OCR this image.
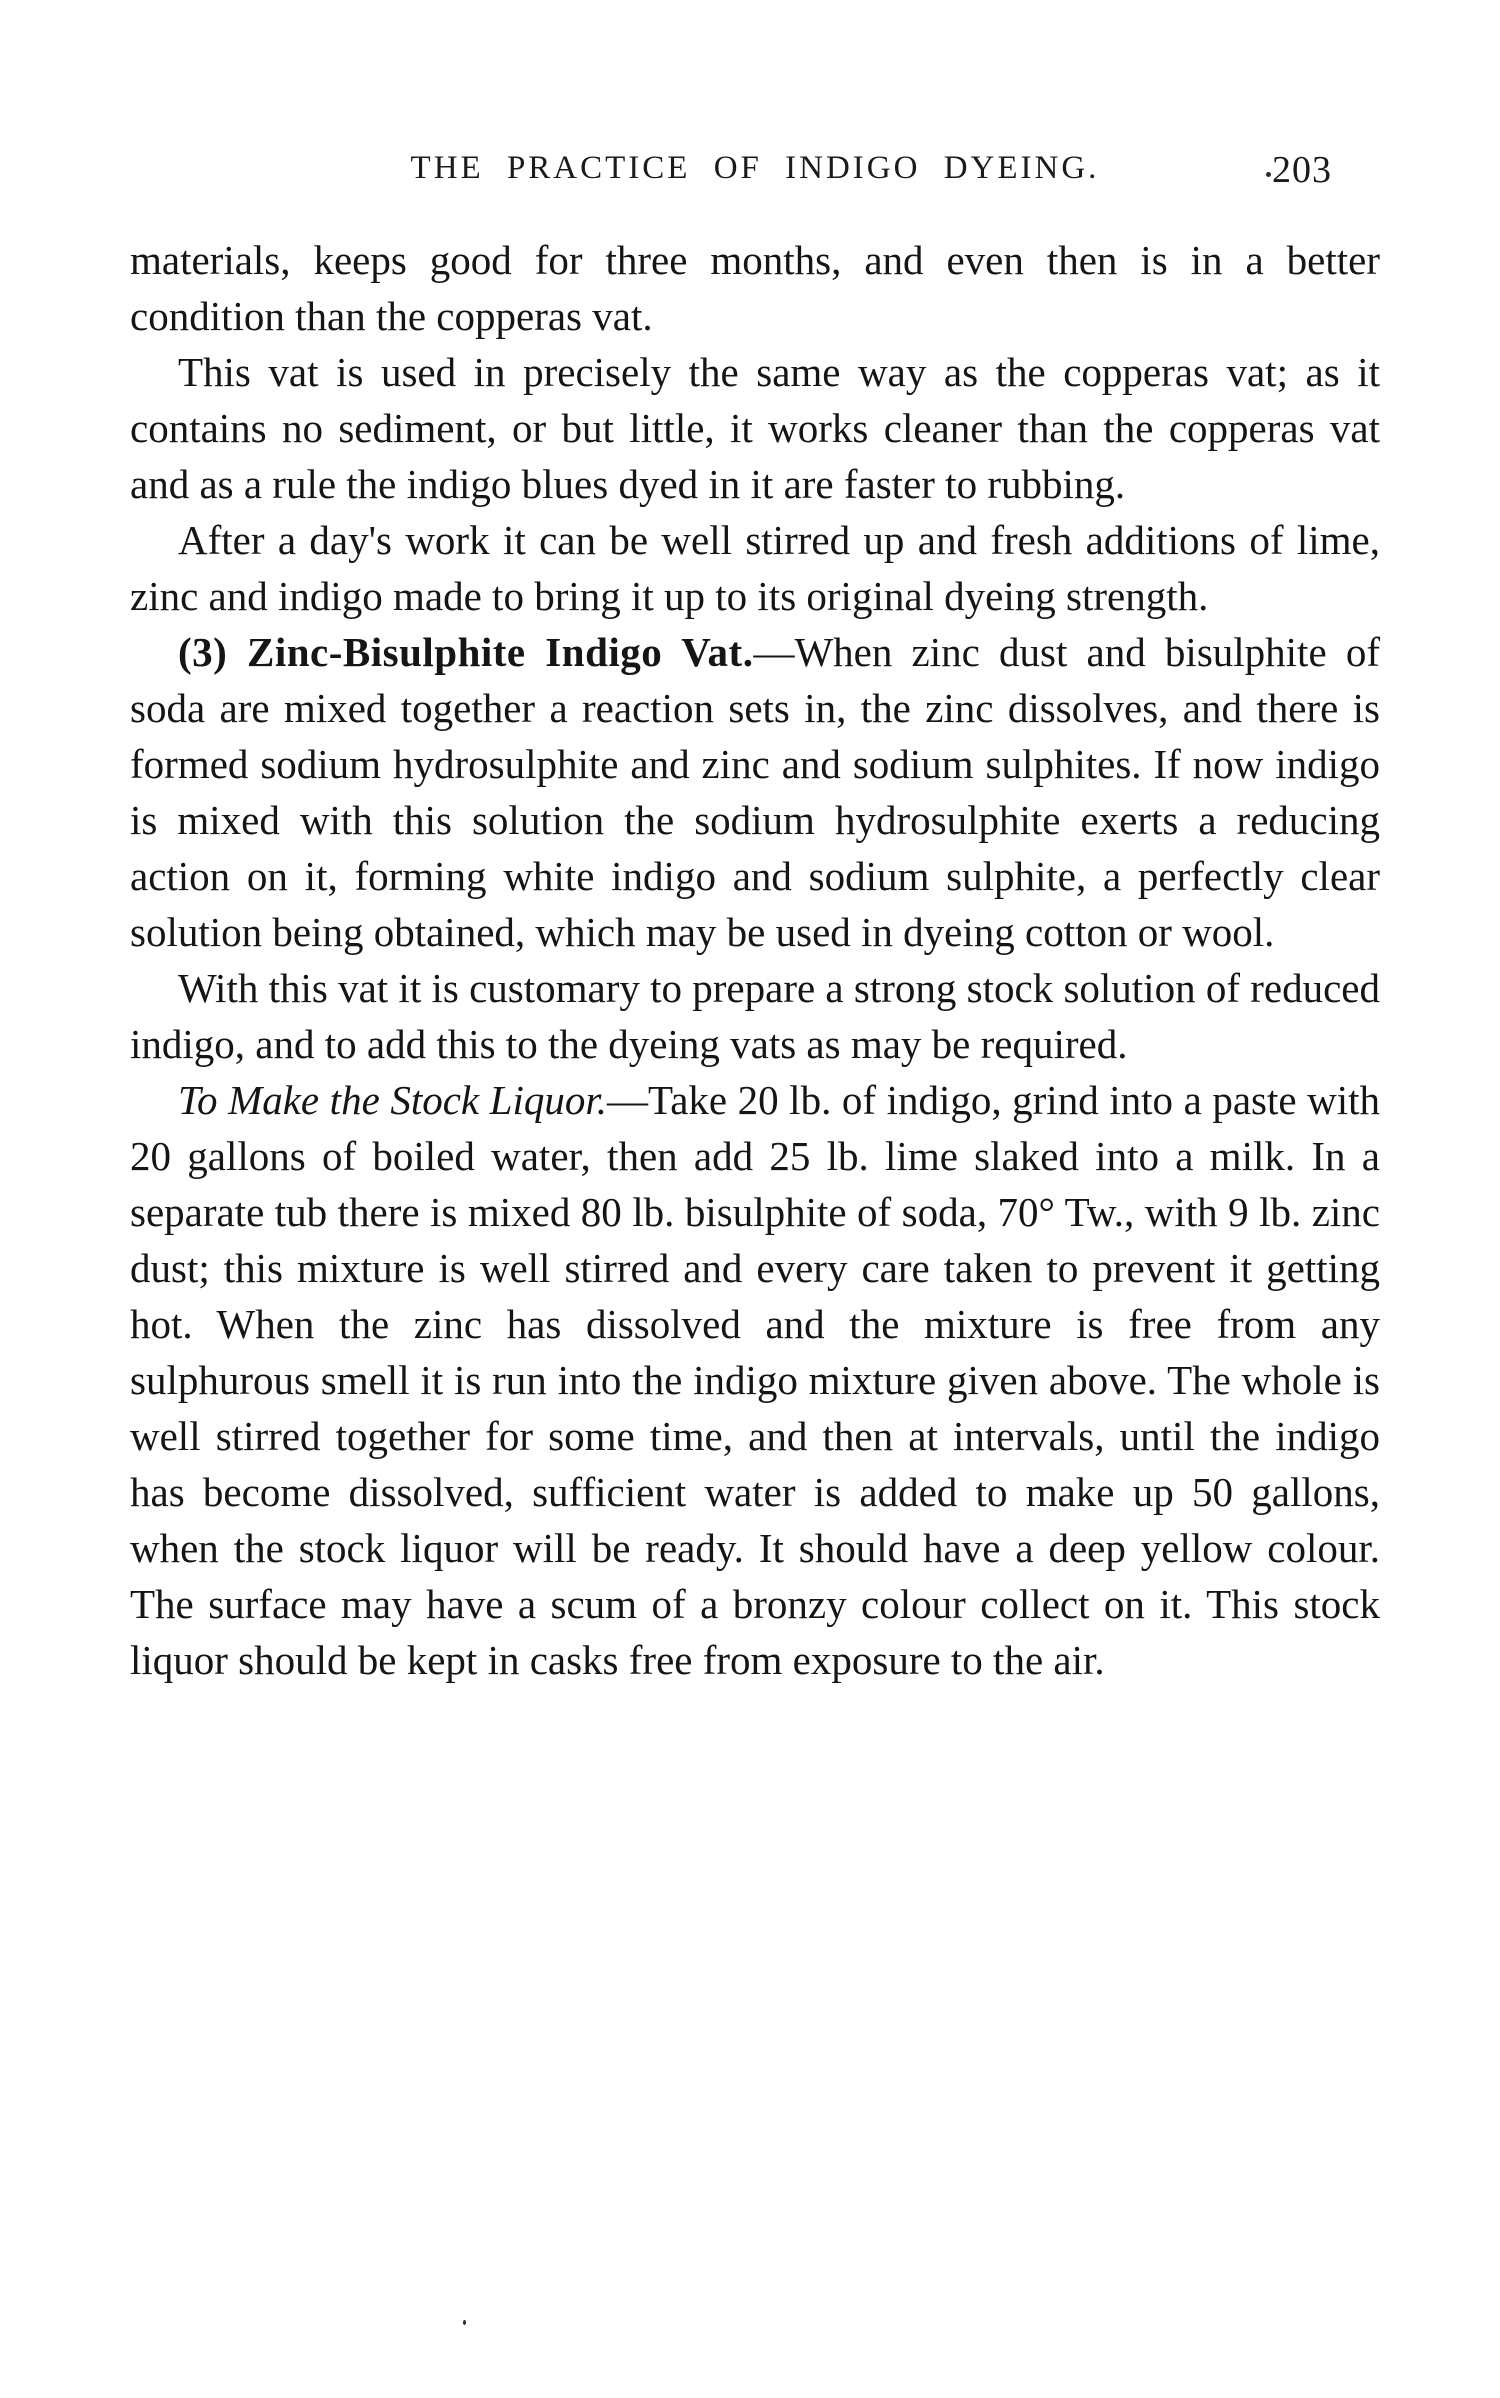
THE PRACTICE OF INDIGO DYEING.	203

materials, keeps good for three months, and even then is in a better condition than the copperas vat.

This vat is used in precisely the same way as the copperas vat; as it contains no sediment, or but little, it works cleaner than the copperas vat and as a rule the indigo blues dyed in it are faster to rubbing.

After a day's work it can be well stirred up and fresh additions of lime, zinc and indigo made to bring it up to its original dyeing strength.

(3) Zinc-Bisulphite Indigo Vat.—When zinc dust and bisulphite of soda are mixed together a reaction sets in, the zinc dissolves, and there is formed sodium hydrosulphite and zinc and sodium sulphites. If now indigo is mixed with this solution the sodium hydrosulphite exerts a reducing action on it, forming white indigo and sodium sulphite, a perfectly clear solution being obtained, which may be used in dyeing cotton or wool.

With this vat it is customary to prepare a strong stock solution of reduced indigo, and to add this to the dyeing vats as may be required.

To Make the Stock Liquor.—Take 20 lb. of indigo, grind into a paste with 20 gallons of boiled water, then add 25 lb. lime slaked into a milk. In a separate tub there is mixed 80 lb. bisulphite of soda, 70° Tw., with 9 lb. zinc dust; this mixture is well stirred and every care taken to prevent it getting hot. When the zinc has dissolved and the mixture is free from any sulphurous smell it is run into the indigo mixture given above. The whole is well stirred together for some time, and then at intervals, until the indigo has become dissolved, sufficient water is added to make up 50 gallons, when the stock liquor will be ready. It should have a deep yellow colour. The surface may have a scum of a bronzy colour collect on it. This stock liquor should be kept in casks free from exposure to the air.
